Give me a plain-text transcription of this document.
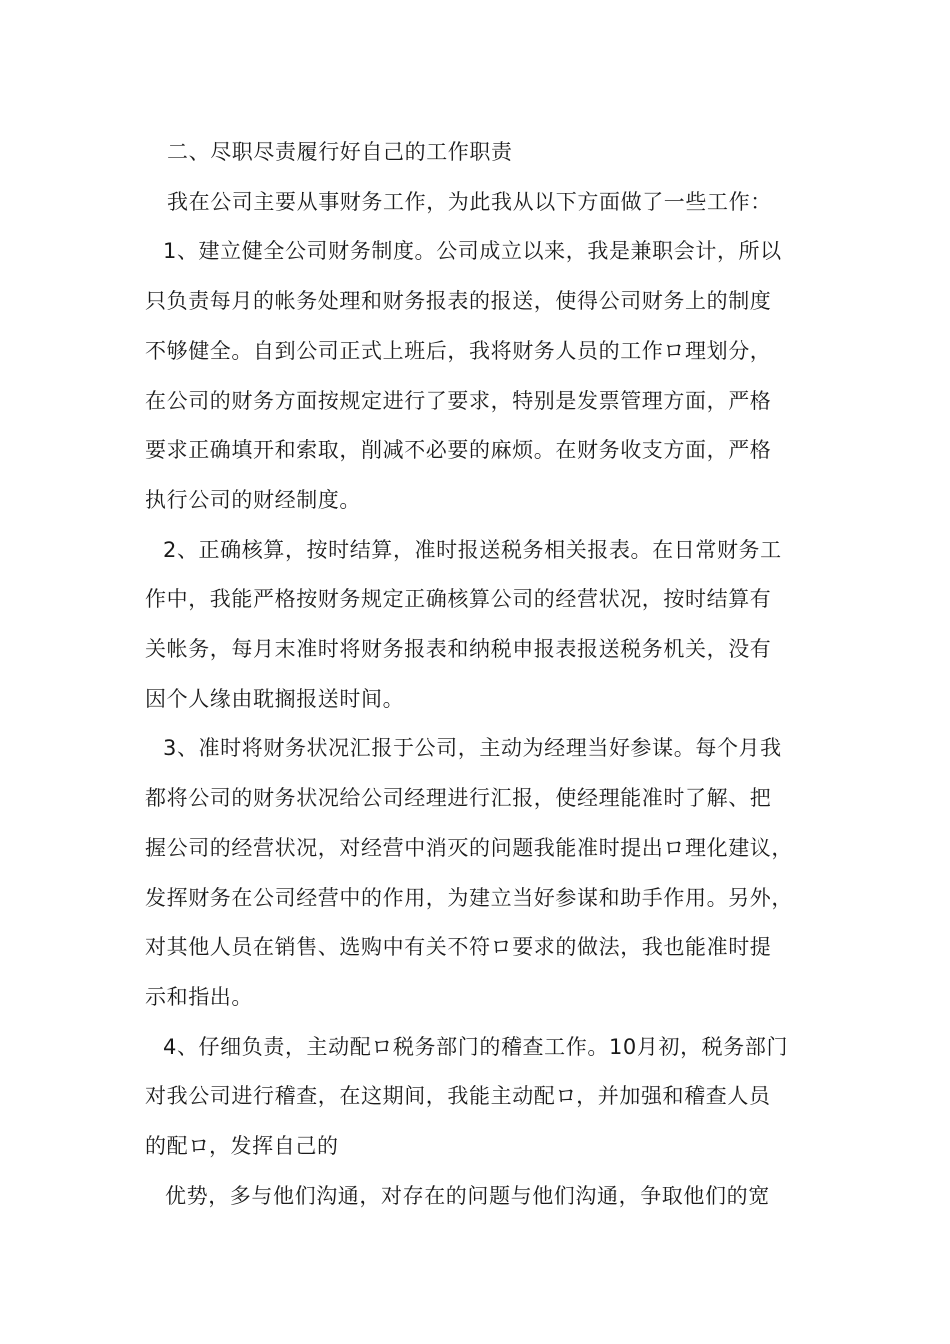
二、尽职尽责履行好自己的工作职责

我在公司主要从事财务工作，为此我从以下方面做了一些工作：

1、建立健全公司财务制度。公司成立以来，我是兼职会计，所以

只负责每月的帐务处理和财务报表的报送，使得公司财务上的制度

不够健全。自到公司正式上班后，我将财务人员的工作ロ理划分，

在公司的财务方面按规定进行了要求，特别是发票管理方面，严格

要求正确填开和索取，削减不必要的麻烦。在财务收支方面，严格

执行公司的财经制度。

2、正确核算，按时结算，准时报送税务相关报表。在日常财务工

作中，我能严格按财务规定正确核算公司的经营状况，按时结算有

关帐务，每月末准时将财务报表和纳税申报表报送税务机关，没有

因个人缘由耽搁报送时间。

3、准时将财务状况汇报于公司，主动为经理当好参谋。每个月我

都将公司的财务状况给公司经理进行汇报，使经理能准时了解、把

握公司的经营状况，对经营中消灭的问题我能准时提出ロ理化建议，

发挥财务在公司经营中的作用，为建立当好参谋和助手作用。另外，

对其他人员在销售、选购中有关不符ロ要求的做法，我也能准时提

示和指出。

4、仔细负责，主动配ロ税务部门的稽查工作。10月初，税务部门

对我公司进行稽查，在这期间，我能主动配ロ，并加强和稽查人员

的配ロ，发挥自己的

优势，多与他们沟通，对存在的问题与他们沟通，争取他们的宽
